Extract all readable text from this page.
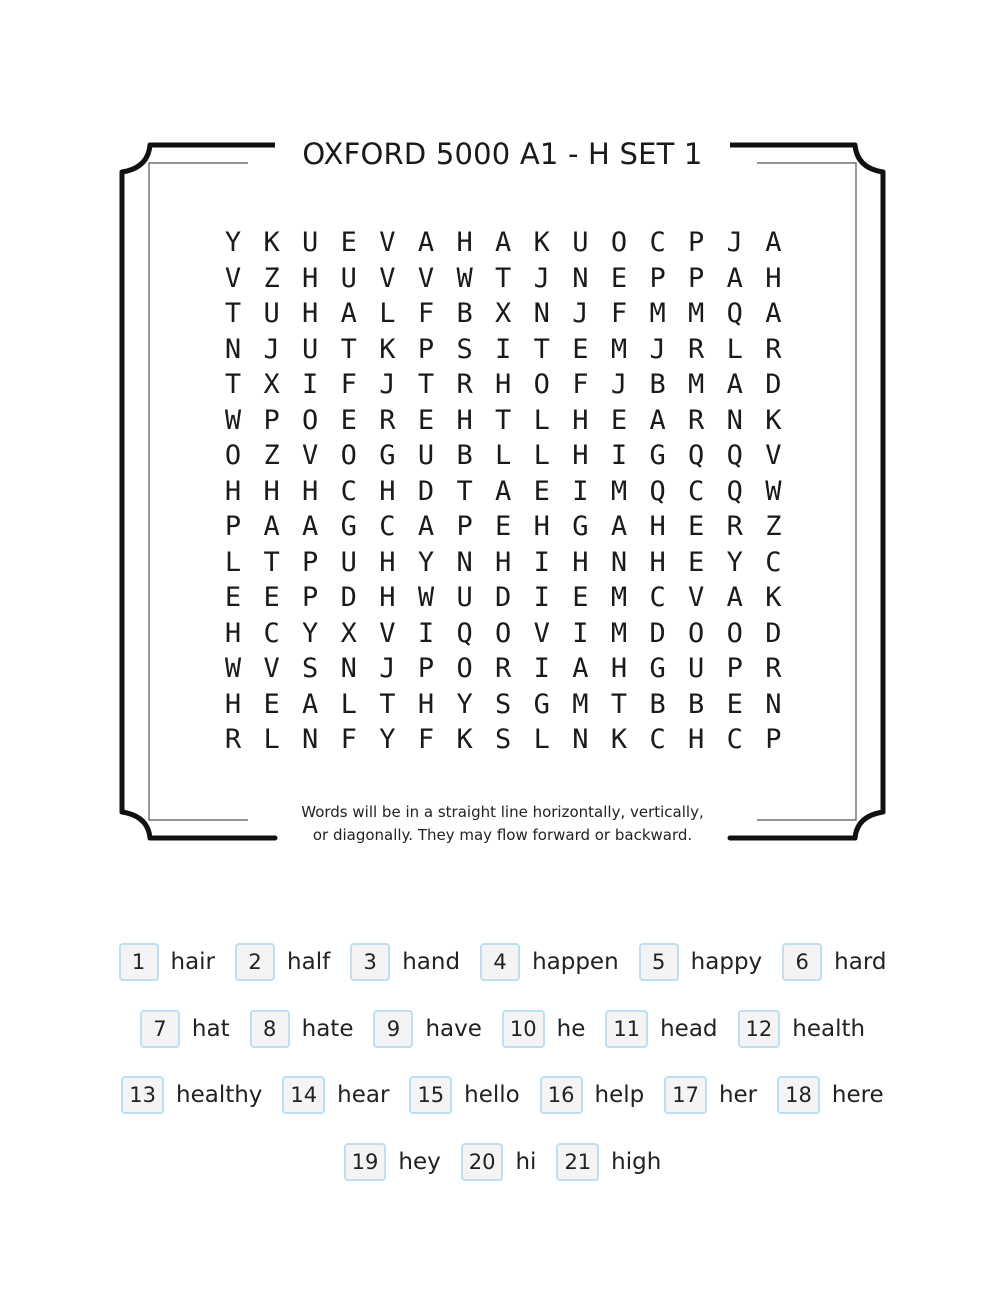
OXFORD 5000 A1 - H SET 1
Y K U E V A H A K U O C P J A
V Z H U V V W T J N E P P A H
T U H A L F B X N J F M M Q A
N J U T K P S I T E M J R L R
T X I F J T R H O F J B M A D
W P O E R E H T L H E A R N K
O Z V O G U B L L H I G Q Q V
H H H C H D T A E I M Q C Q W
P A A G C A P E H G A H E R Z
L T P U H Y N H I H N H E Y C
E E P D H W U D I E M C V A K
H C Y X V I Q O V I M D O O D
W V S N J P O R I A H G U P R
H E A L T H Y S G M T B B E N
R L N F Y F K S L N K C H C P
Words will be in a straight line horizontally, vertically,
or diagonally. They may flow forward or backward.
1	hair	2	half	3	hand	4	happen	5	happy	6	hard
7	hat	8	hate	9	have	10 he	11 head	12 health
13 healthy	14 hear	15 hello	16 help	17 her	18 here
19 hey	20 hi	21 high
